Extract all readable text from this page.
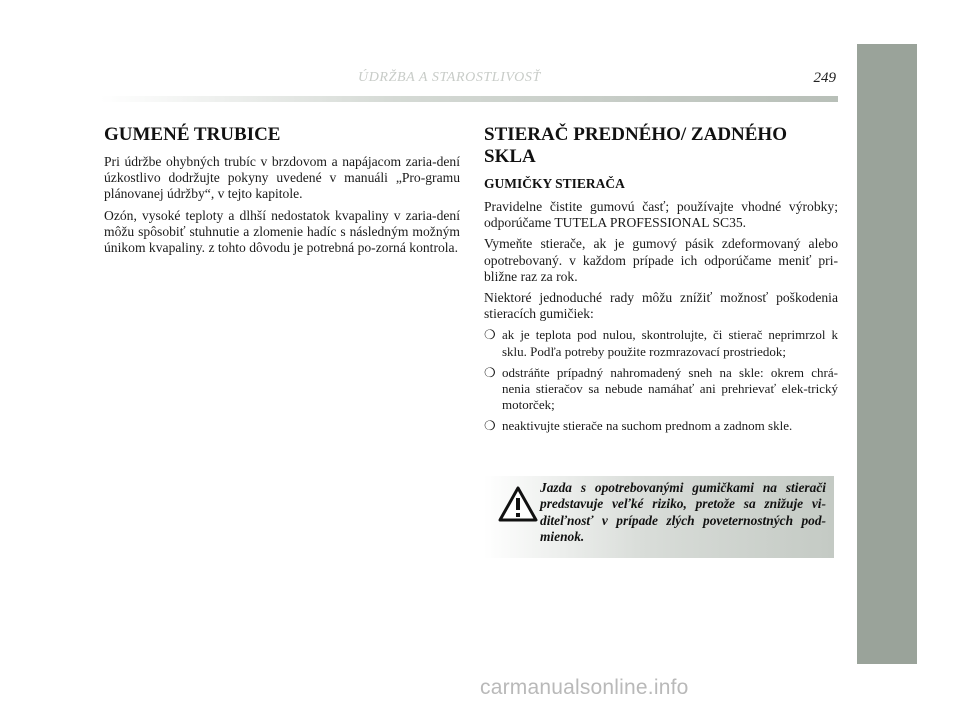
ÚDRŽBA A STAROSTLIVOSŤ	249
GUMENÉ TRUBICE

Pri údržbe ohybných trubíc v brzdovom a napájacom zaria-dení úzkostlivo dodržujte pokyny uvedené v manuáli „Pro-gramu plánovanej údržby“, v tejto kapitole.

Ozón, vysoké teploty a dlhší nedostatok kvapaliny v zaria-dení môžu spôsobiť stuhnutie a zlomenie hadíc s následným možným únikom kvapaliny. z tohto dôvodu je potrebná po-zorná kontrola.

STIERAČ PREDNÉHO/ ZADNÉHO SKLA
GUMIČKY STIERAČA

Pravidelne čistite gumovú časť; používajte vhodné výrobky; odporúčame TUTELA PROFESSIONAL SC35.

Vymeňte stierače, ak je gumový pásik zdeformovaný alebo opotrebovaný. v každom prípade ich odporúčame meniť pri-bližne raz za rok.

Niektoré jednoduché rady môžu znížiť možnosť poškodenia stieracích gumičiek:

❍ ak je teplota pod nulou, skontrolujte, či stierač neprimrzol k sklu. Podľa potreby použite rozmrazovací prostriedok;
❍ odstráňte prípadný nahromadený sneh na skle: okrem chrá-nenia stieračov sa nebude namáhať ani prehrievať elek-trický motorček;
❍ neaktivujte stierače na suchom prednom a zadnom skle.
Jazda s opotrebovanými gumičkami na stierači predstavuje veľké riziko, pretože sa znižuje vi-diteľnosť v prípade zlých poveternostných pod-mienok.
carmanualsonline.info
